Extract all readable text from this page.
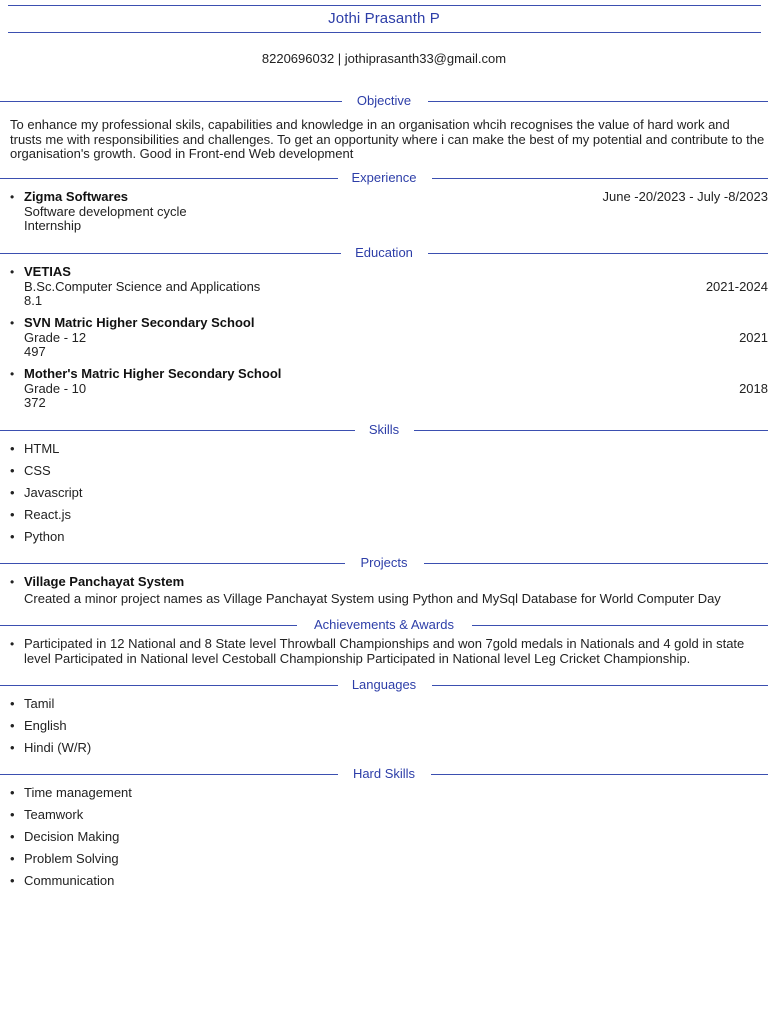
Jothi Prasanth P
8220696032 | jothiprasanth33@gmail.com
Objective
To enhance my professional skils, capabilities and knowledge in an organisation whcih recognises the value of hard work and trusts me with responsibilities and challenges. To get an opportunity where i can make the best of my potential and contribute to the organisation's growth. Good in Front-end Web development
Experience
• Zigma Softwares	June -20/2023 - July -8/2023
Software development cycle
Internship
Education
• VETIAS
B.Sc.Computer Science and Applications	2021-2024
8.1
• SVN Matric Higher Secondary School
Grade - 12	2021
497
• Mother's Matric Higher Secondary School
Grade - 10	2018
372
Skills
• HTML
• CSS
• Javascript
• React.js
• Python
Projects
• Village Panchayat System
Created a minor project names as Village Panchayat System using Python and MySql Database for World Computer Day
Achievements & Awards
• Participated in 12 National and 8 State level Throwball Championships and won 7gold medals in Nationals and 4 gold in state level Participated in National level Cestoball Championship Participated in National level Leg Cricket Championship.
Languages
• Tamil
• English
• Hindi (W/R)
Hard Skills
• Time management
• Teamwork
• Decision Making
• Problem Solving
• Communication
